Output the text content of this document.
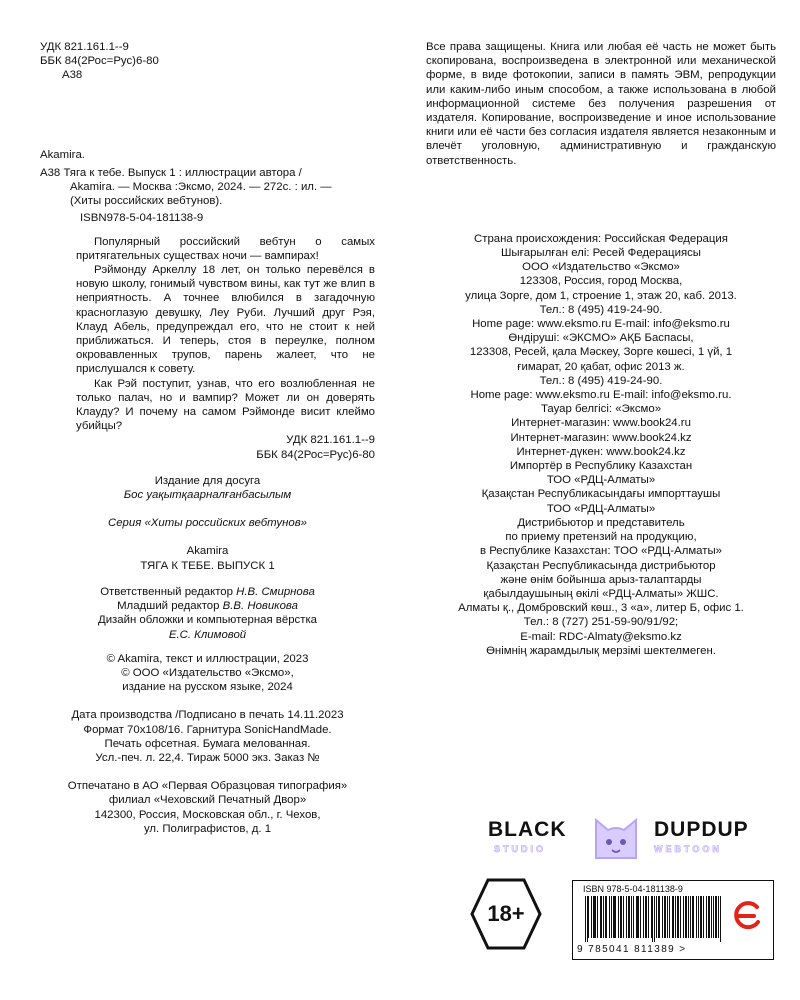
УДК 821.161.1--9
ББК 84(2Рос=Рус)6-80
А38
Akamira.
А38 Тяга к тебе. Выпуск 1 : иллюстрации автора /
Akamira. — Москва :Эксмо, 2024. — 272с. : ил. —
(Хиты российских вебтунов).
ISBN978-5-04-181138-9

Популярный российский вебтун о самых притягательных существах ночи — вампирах!

Рэймонду Аркеллу 18 лет, он только перевёлся в новую школу, гонимый чувством вины, как тут же влип в неприятность. А точнее влюбился в загадочную красноглазую девушку, Леу Руби. Лучший друг Рэя, Клауд Абель, предупреждал его, что не стоит к ней приближаться. И теперь, стоя в переулке, полном окровавленных трупов, парень жалеет, что не прислушался к совету.

Как Рэй поступит, узнав, что его возлюбленная не только палач, но и вампир? Может ли он доверять Клауду? И почему на самом Рэймонде висит клеймо убийцы?

УДК 821.161.1--9
ББК 84(2Рос=Рус)6-80
Издание для досуга
Бос уақытқаарналғанбасылым
Серия «Хиты российских вебтунов»
Akamira
ТЯГА К ТЕБЕ. ВЫПУСК 1
Ответственный редактор Н.В. Смирнова
Младший редактор В.В. Новикова
Дизайн обложки и компьютерная вёрстка
Е.С. Климовой
© Akamira, текст и иллюстрации, 2023
© ООО «Издательство «Эксмо»,
издание на русском языке, 2024
Дата производства /Подписано в печать 14.11.2023
Формат 70х108/16. Гарнитура SonicHandMade.
Печать офсетная. Бумага мелованная.
Усл.-печ. л. 22,4. Тираж 5000 экз. Заказ №
Отпечатано в АО «Первая Образцовая типография»
филиал «Чеховский Печатный Двор»
142300, Россия, Московская обл., г. Чехов,
ул. Полиграфистов, д. 1
Все права защищены. Книга или любая её часть не может быть скопирована, воспроизведена в электронной или механической форме, в виде фотокопии, записи в память ЭВМ, репродукции или каким-либо иным способом, а также использована в любой информационной системе без получения разрешения от издателя. Копирование, воспроизведение и иное использование книги или её части без согласия издателя является незаконным и влечёт уголовную, административную и гражданскую ответственность.
Страна происхождения: Российская Федерация
Шығарылған елі: Ресей Федерациясы
ООО «Издательство «Эксмо»
123308, Россия, город Москва,
улица Зорге, дом 1, строение 1, этаж 20, каб. 2013.
Тел.: 8 (495) 419-24-90.
Home page: www.eksmo.ru E-mail: info@eksmo.ru
Өндіруші: «ЭКСМО» АҚБ Баспасы,
123308, Ресей, қала Мәскеу, Зорге көшесі, 1 үй, 1
ғимарат, 20 қабат, офис 2013 ж.
Тел.: 8 (495) 419-24-90.
Home page: www.eksmo.ru E-mail: info@eksmo.ru.
Тауар белгісі: «Эксмо»
Интернет-магазин: www.book24.ru
Интернет-магазин: www.book24.kz
Интернет-дүкен: www.book24.kz
Импортёр в Республику Казахстан
ТОО «РДЦ-Алматы»
Қазақстан Республикасындағы импорттаушы
ТОО «РДЦ-Алматы»
Дистрибьютор и представитель
по приему претензий на продукцию,
в Республике Казахстан: ТОО «РДЦ-Алматы»
Қазақстан Республикасында дистрибьютор
және өнім бойынша арыз-талаптарды
қабылдаушының өкілі «РДЦ-Алматы» ЖШС.
Алматы қ., Домбровский көш., 3 «а», литер Б, офис 1.
Тел.: 8 (727) 251-59-90/91/92;
E-mail: RDC-Almaty@eksmo.kz
Өнімнің жарамдылық мерзімі шектелмеген.
BLACK	DUPDUP
STUDIO	WEBTOON
18+
ISBN 978-5-04-181138-9
9 785041 811389 >
